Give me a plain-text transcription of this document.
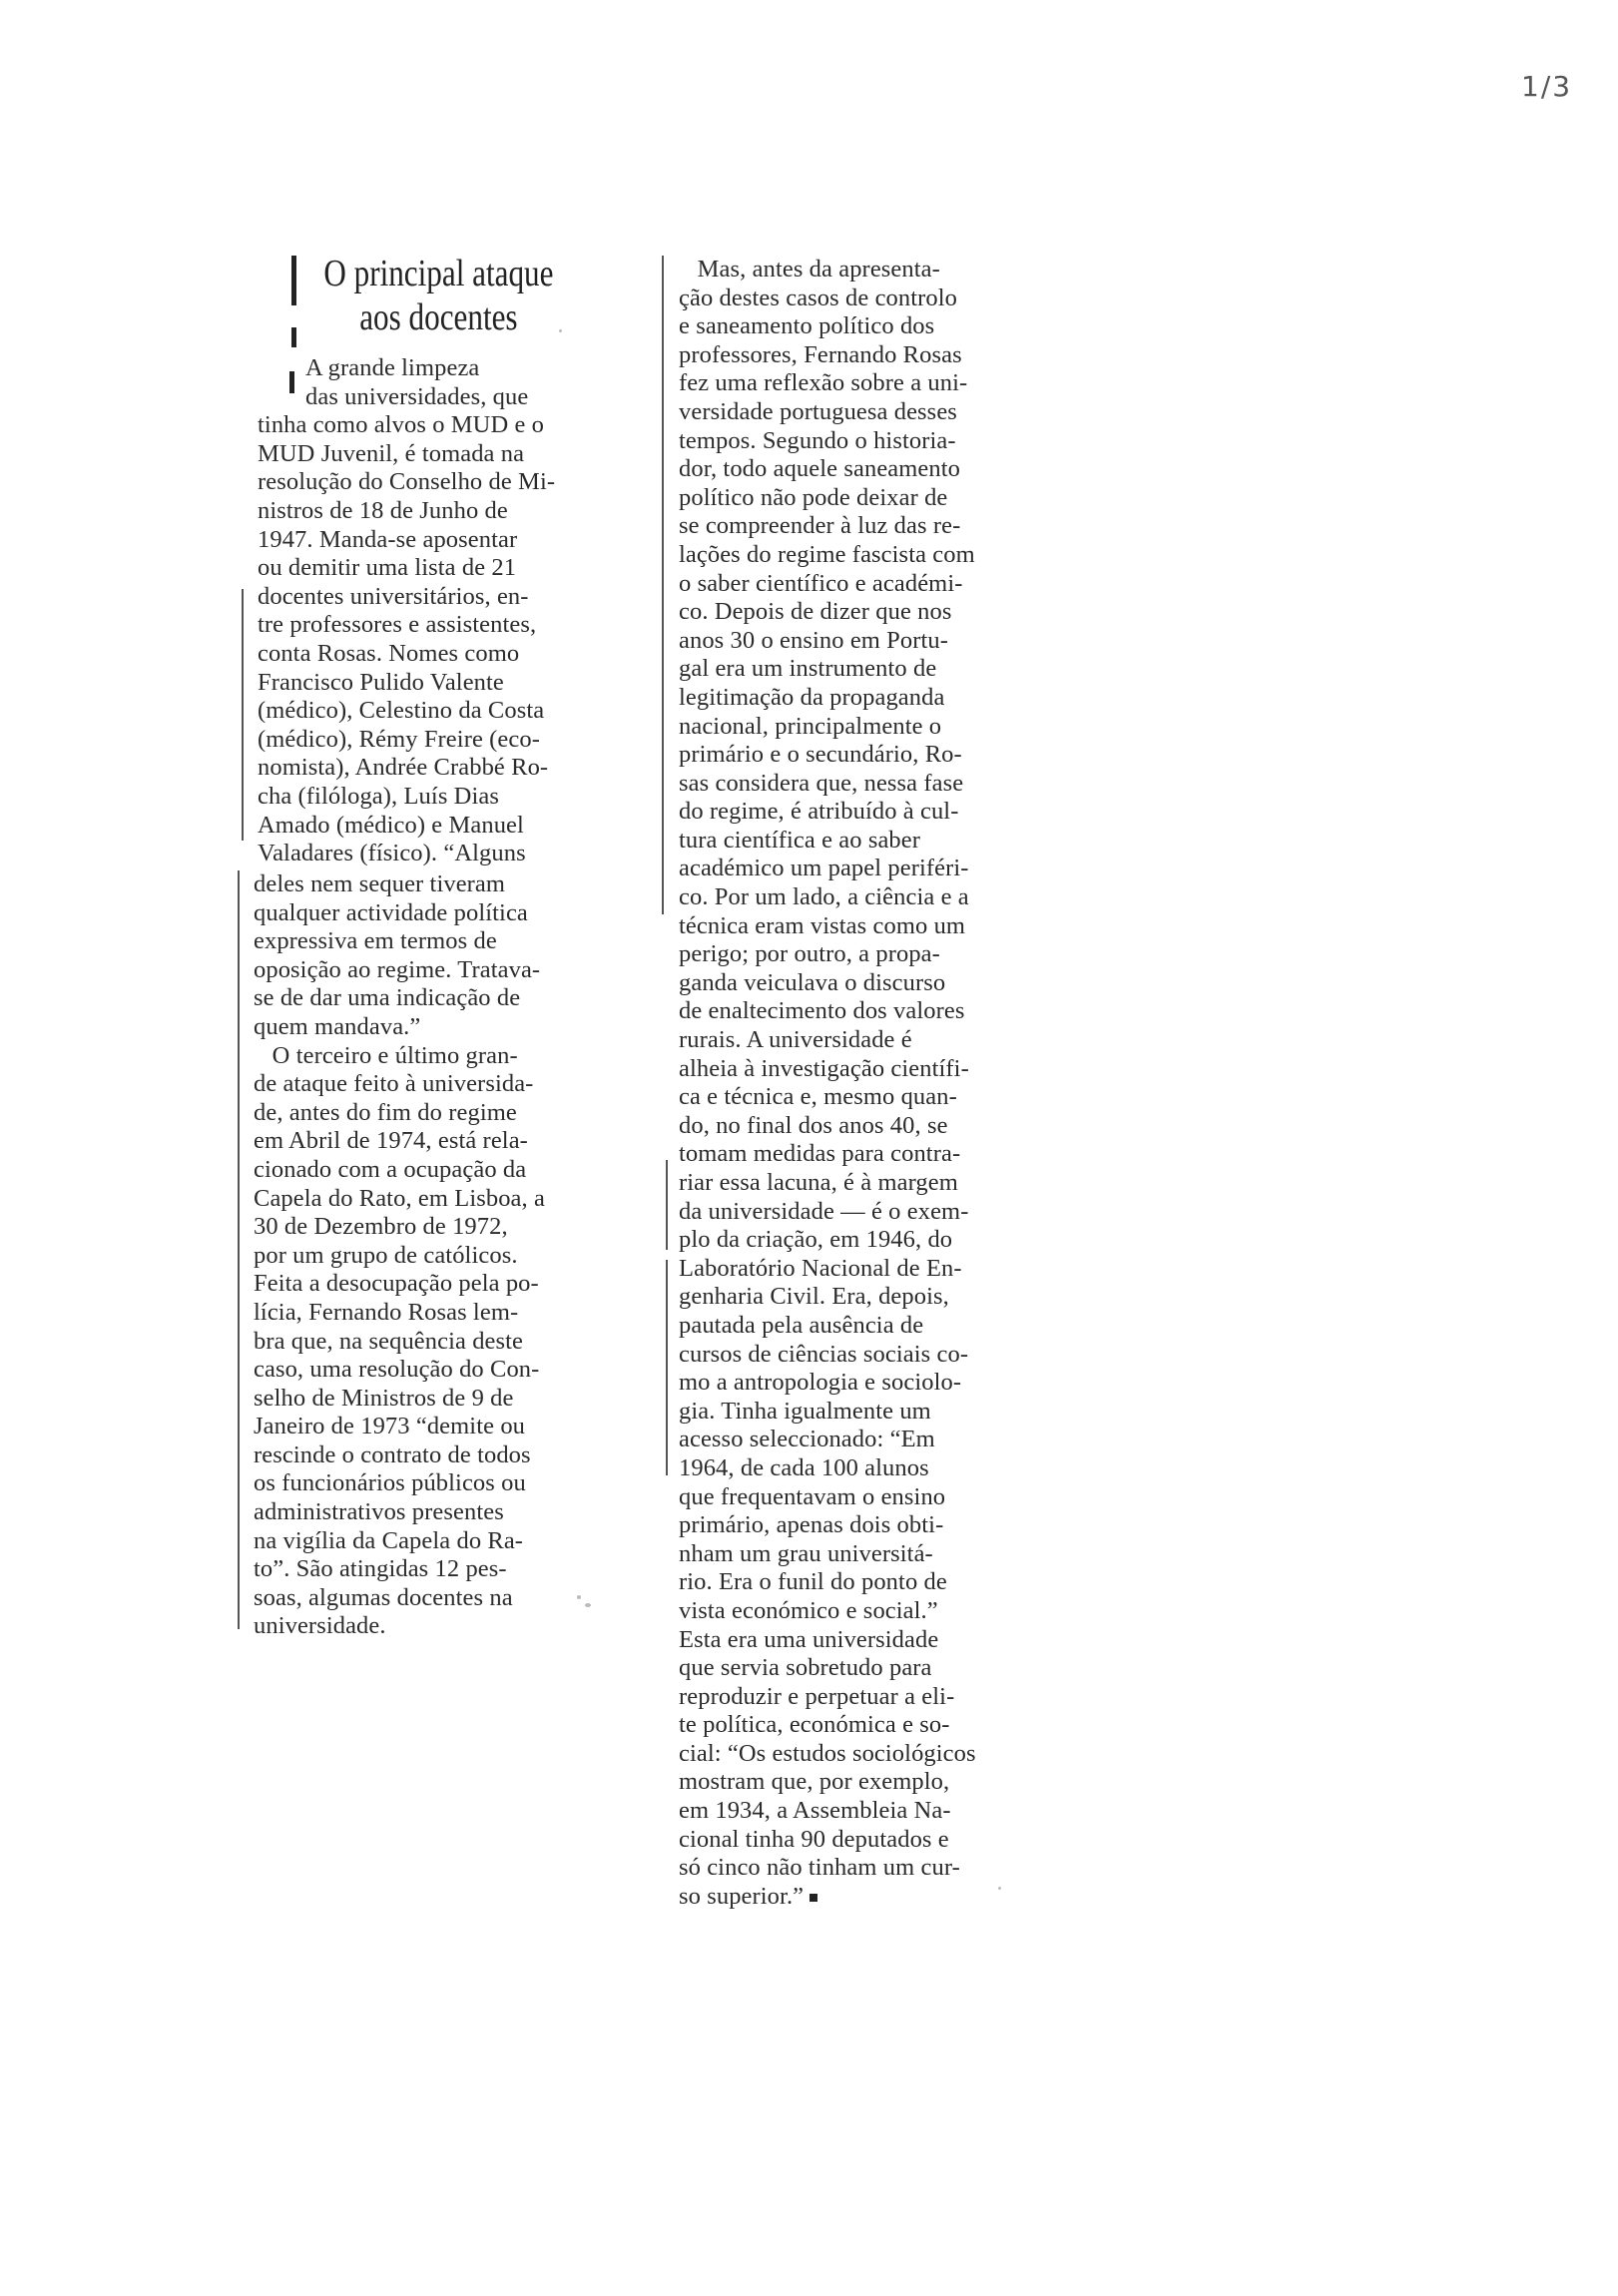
1/3
O principal ataque
aos docentes
A grande limpeza
das universidades, que
tinha como alvos o MUD e o
MUD Juvenil, é tomada na
resolução do Conselho de Mi-
nistros de 18 de Junho de
1947. Manda-se aposentar
ou demitir uma lista de 21
docentes universitários, en-
tre professores e assistentes,
conta Rosas. Nomes como
Francisco Pulido Valente
(médico), Celestino da Costa
(médico), Rémy Freire (eco-
nomista), Andrée Crabbé Ro-
cha (filóloga), Luís Dias
Amado (médico) e Manuel
Valadares (físico). “Alguns
deles nem sequer tiveram
qualquer actividade política
expressiva em termos de
oposição ao regime. Tratava-
se de dar uma indicação de
quem mandava.”
O terceiro e último gran-
de ataque feito à universida-
de, antes do fim do regime
em Abril de 1974, está rela-
cionado com a ocupação da
Capela do Rato, em Lisboa, a
30 de Dezembro de 1972,
por um grupo de católicos.
Feita a desocupação pela po-
lícia, Fernando Rosas lem-
bra que, na sequência deste
caso, uma resolução do Con-
selho de Ministros de 9 de
Janeiro de 1973 “demite ou
rescinde o contrato de todos
os funcionários públicos ou
administrativos presentes
na vigília da Capela do Ra-
to”. São atingidas 12 pes-
soas, algumas docentes na
universidade.
Mas, antes da apresenta-
ção destes casos de controlo
e saneamento político dos
professores, Fernando Rosas
fez uma reflexão sobre a uni-
versidade portuguesa desses
tempos. Segundo o historia-
dor, todo aquele saneamento
político não pode deixar de
se compreender à luz das re-
lações do regime fascista com
o saber científico e académi-
co. Depois de dizer que nos
anos 30 o ensino em Portu-
gal era um instrumento de
legitimação da propaganda
nacional, principalmente o
primário e o secundário, Ro-
sas considera que, nessa fase
do regime, é atribuído à cul-
tura científica e ao saber
académico um papel periféri-
co. Por um lado, a ciência e a
técnica eram vistas como um
perigo; por outro, a propa-
ganda veiculava o discurso
de enaltecimento dos valores
rurais. A universidade é
alheia à investigação científi-
ca e técnica e, mesmo quan-
do, no final dos anos 40, se
tomam medidas para contra-
riar essa lacuna, é à margem
da universidade — é o exem-
plo da criação, em 1946, do
Laboratório Nacional de En-
genharia Civil. Era, depois,
pautada pela ausência de
cursos de ciências sociais co-
mo a antropologia e sociolo-
gia. Tinha igualmente um
acesso seleccionado: “Em
1964, de cada 100 alunos
que frequentavam o ensino
primário, apenas dois obti-
nham um grau universitá-
rio. Era o funil do ponto de
vista económico e social.”
Esta era uma universidade
que servia sobretudo para
reproduzir e perpetuar a eli-
te política, económica e so-
cial: “Os estudos sociológicos
mostram que, por exemplo,
em 1934, a Assembleia Na-
cional tinha 90 deputados e
só cinco não tinham um cur-
so superior.”
